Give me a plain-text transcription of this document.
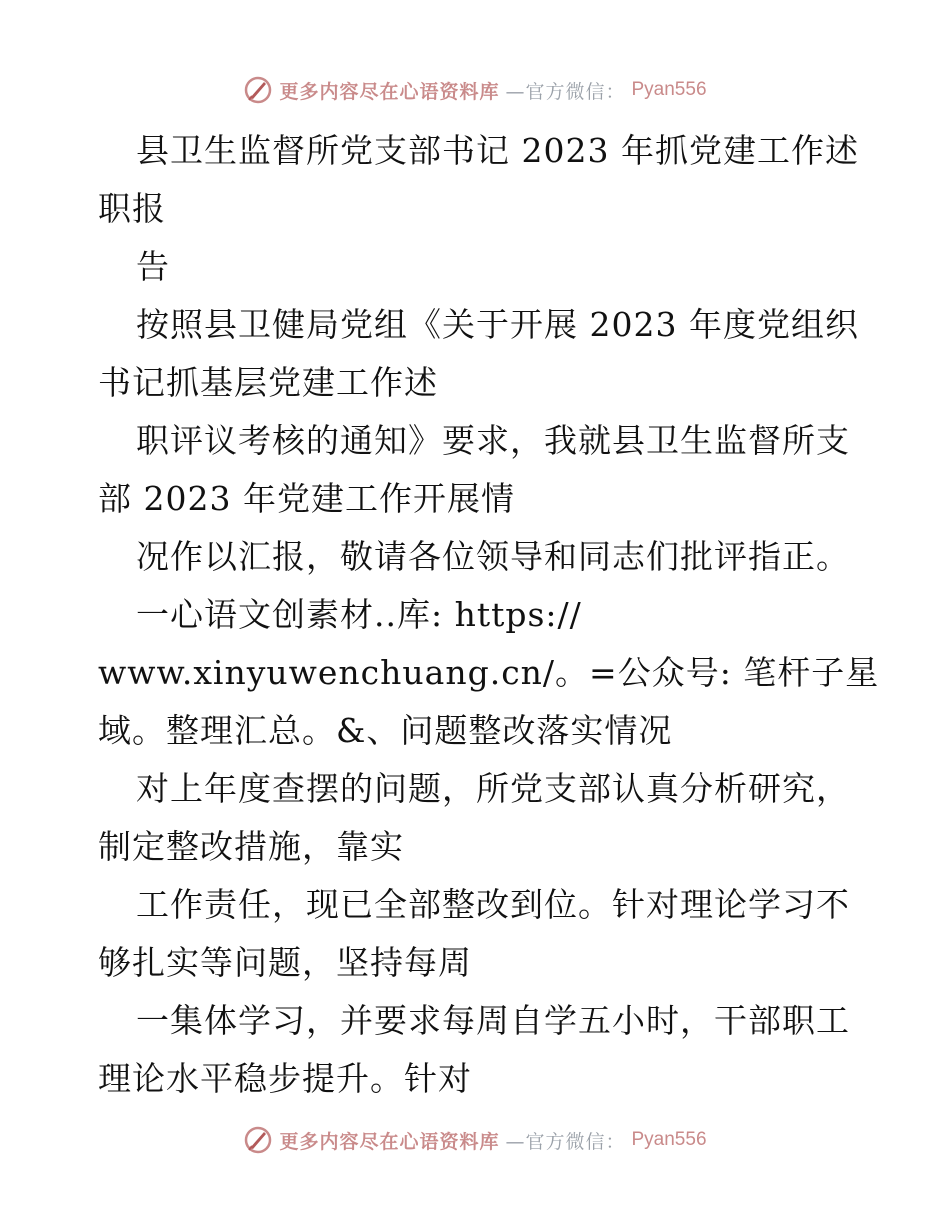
更多内容尽在心语资料库 —官方微信： Pyan556
县卫生监督所党支部书记 2023 年抓党建工作述
职报
告
按照县卫健局党组《关于开展 2023 年度党组织
书记抓基层党建工作述
职评议考核的通知》要求，我就县卫生监督所支
部 2023 年党建工作开展情
况作以汇报，敬请各位领导和同志们批评指正。
一心语文创素材..库: https://
www.xinyuwenchuang.cn/。=公众号: 笔杆子星
域。整理汇总。&、问题整改落实情况
对上年度查摆的问题，所党支部认真分析研究，
制定整改措施，靠实
工作责任，现已全部整改到位。针对理论学习不
够扎实等问题，坚持每周
一集体学习，并要求每周自学五小时，干部职工
理论水平稳步提升。针对
更多内容尽在心语资料库 —官方微信： Pyan556
